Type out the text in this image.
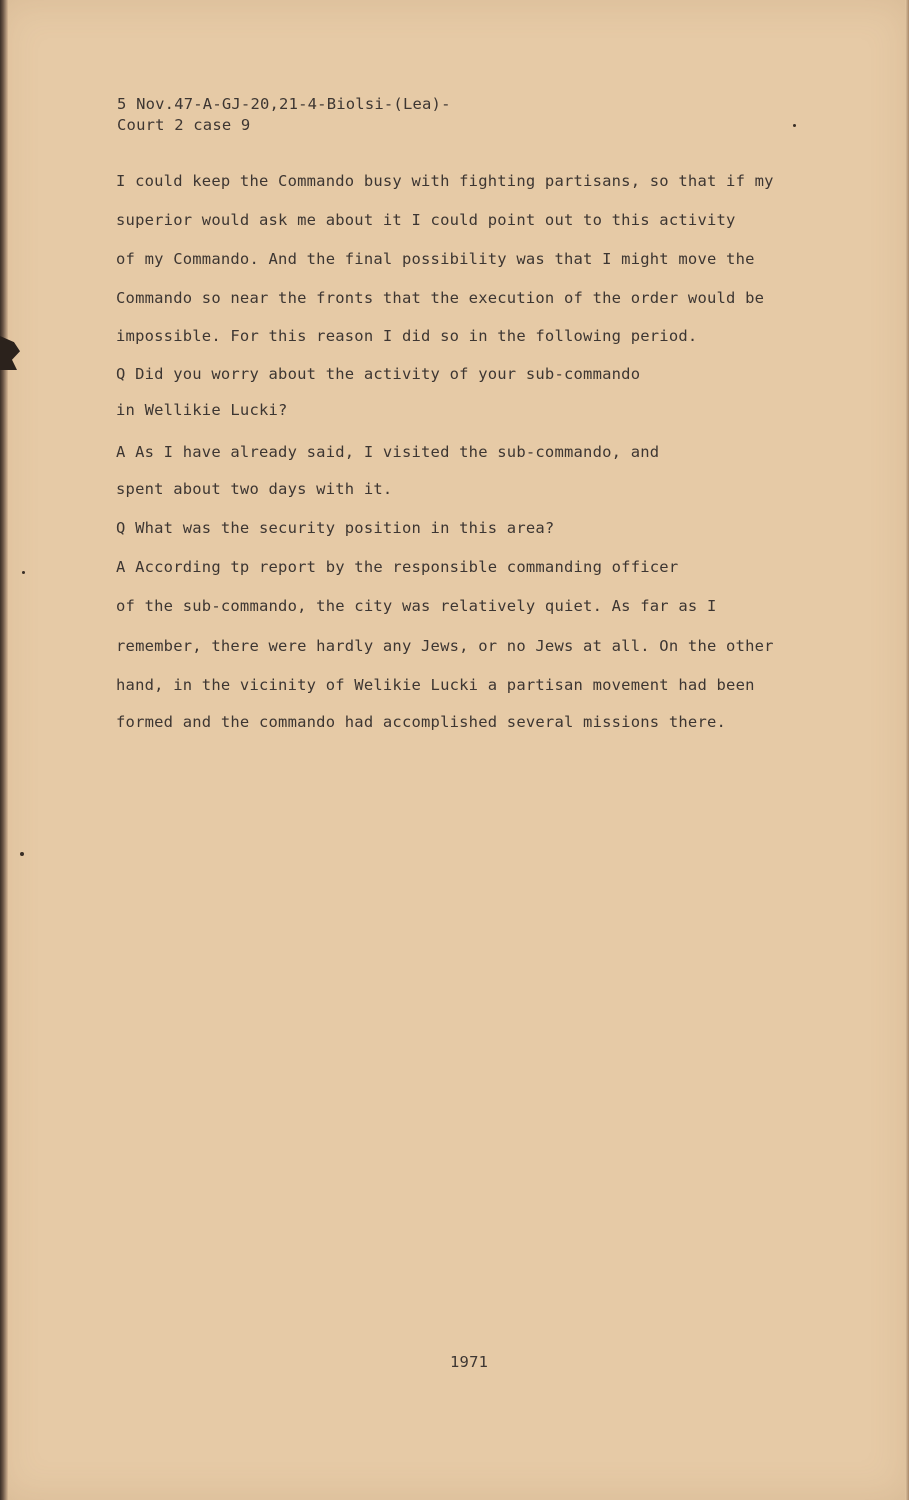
5 Nov.47-A-GJ-20,21-4-Biolsi-(Lea)-
Court 2 case 9
I could keep the Commando busy with fighting partisans, so that if my
superior would ask me about it I could point out to this activity
of my Commando. And the final possibility was that I might move the
Commando so near the fronts that the execution of the order would be
impossible. For this reason I did so in the following period.
Q Did you worry about the activity of your sub-commando
in Wellikie Lucki?
A As I have already said, I visited the sub-commando, and
spent about two days with it.
Q What was the security position in this area?
A According tp report by the responsible commanding officer
of the sub-commando, the city was relatively quiet. As far as I
remember, there were hardly any Jews, or no Jews at all. On the other
hand, in the vicinity of Welikie Lucki a partisan movement had been
formed and the commando had accomplished several missions there.
1971
